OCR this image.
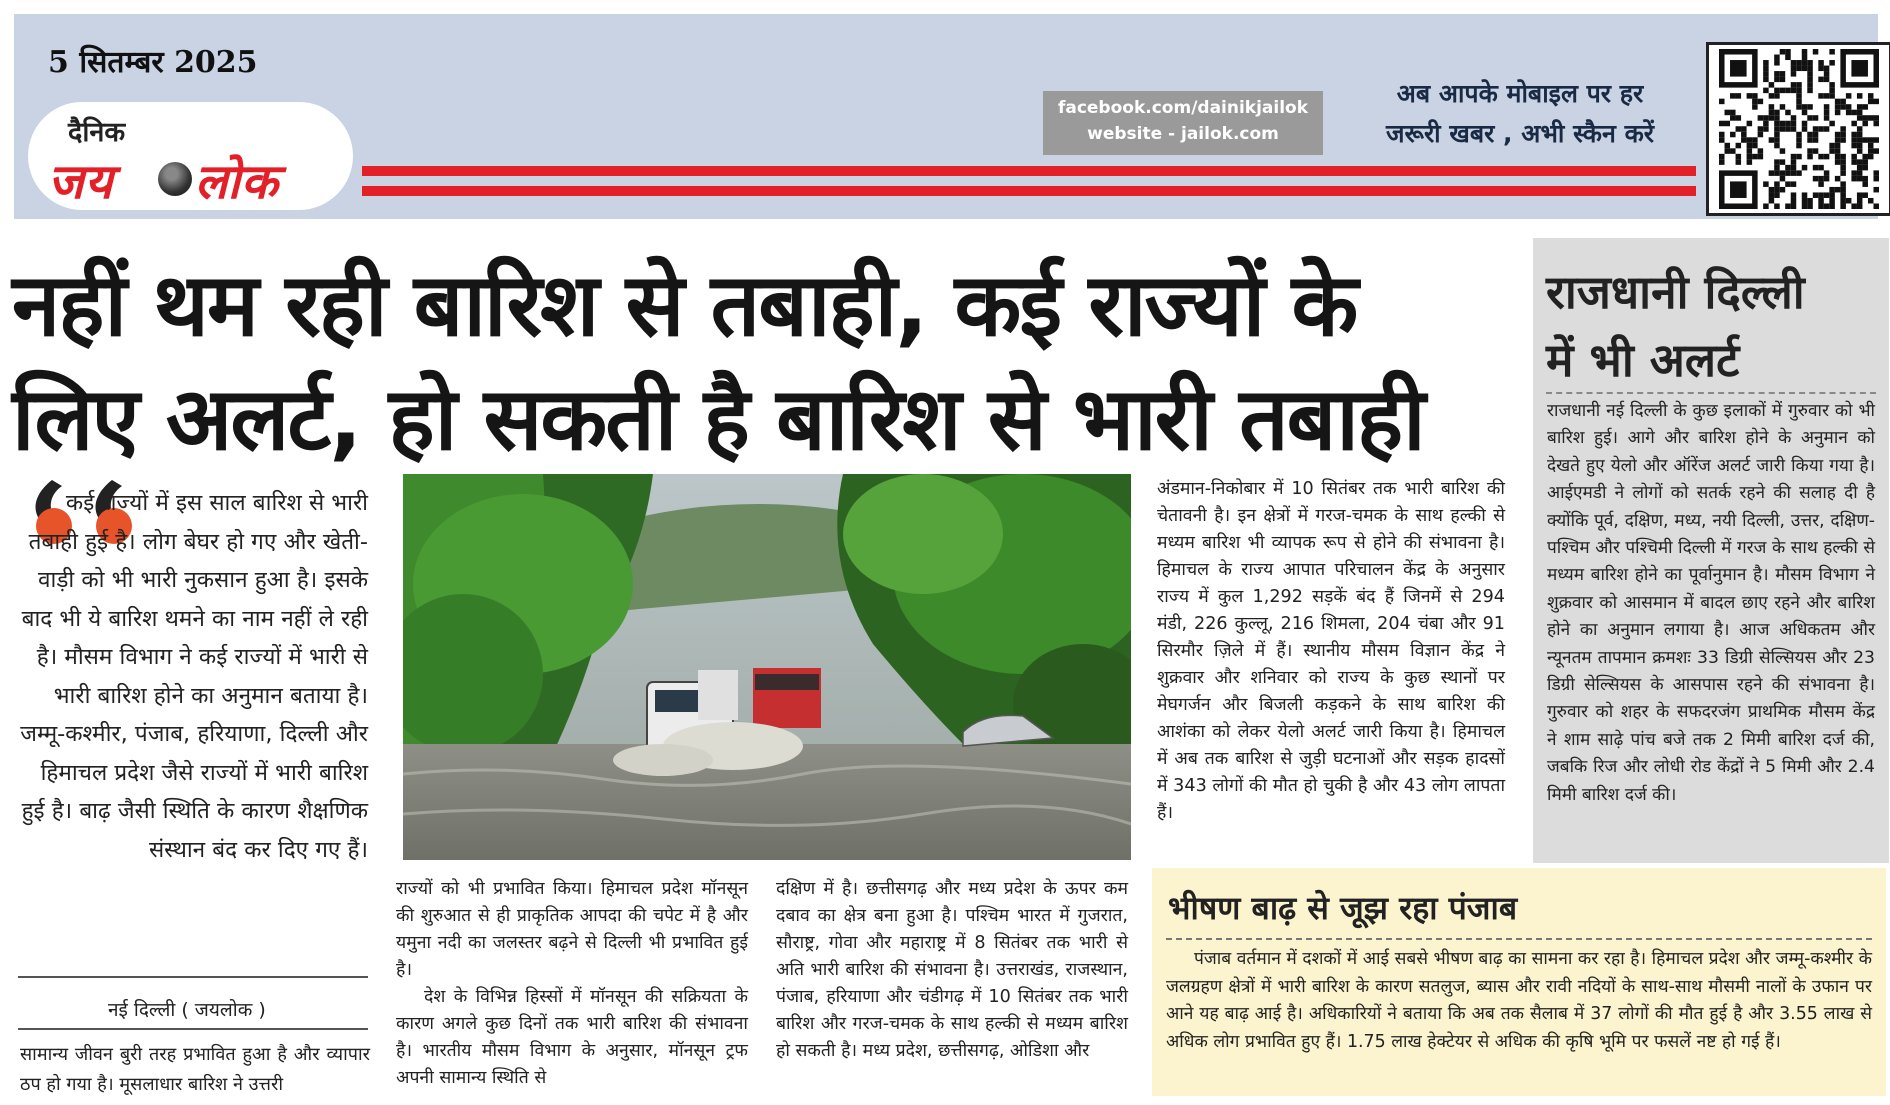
5 सितम्बर 2025
दैनिक
जय लोक
facebook.com/dainikjailok
website - jailok.com
अब आपके मोबाइल पर हर
जरूरी खबर , अभी स्कैन करें
नहीं थम रही बारिश से तबाही, कई राज्यों के
लिए अलर्ट, हो सकती है बारिश से भारी तबाही
कई राज्यों में इस साल बारिश से भारी तबाही हुई है। लोग बेघर हो गए और खेती-वाड़ी को भी भारी नुकसान हुआ है। इसके बाद भी ये बारिश थमने का नाम नहीं ले रही है। मौसम विभाग ने कई राज्यों में भारी से भारी बारिश होने का अनुमान बताया है। जम्मू-कश्मीर, पंजाब, हरियाणा, दिल्ली और हिमाचल प्रदेश जैसे राज्यों में भारी बारिश हुई है। बाढ़ जैसी स्थिति के कारण शैक्षणिक संस्थान बंद कर दिए गए हैं।
नई दिल्ली ( जयलोक )
सामान्य जीवन बुरी तरह प्रभावित हुआ है और व्यापार ठप हो गया है। मूसलाधार बारिश ने उत्तरी
अंडमान-निकोबार में 10 सितंबर तक भारी बारिश की चेतावनी है। इन क्षेत्रों में गरज-चमक के साथ हल्की से मध्यम बारिश भी व्यापक रूप से होने की संभावना है। हिमाचल के राज्य आपात परिचालन केंद्र के अनुसार राज्य में कुल 1,292 सड़कें बंद हैं जिनमें से 294 मंडी, 226 कुल्लू, 216 शिमला, 204 चंबा और 91 सिरमौर ज़िले में हैं। स्थानीय मौसम विज्ञान केंद्र ने शुक्रवार और शनिवार को राज्य के कुछ स्थानों पर मेघगर्जन और बिजली कड़कने के साथ बारिश की आशंका को लेकर येलो अलर्ट जारी किया है। हिमाचल में अब तक बारिश से जुड़ी घटनाओं और सड़क हादसों में 343 लोगों की मौत हो चुकी है और 43 लोग लापता हैं।
राज्यों को भी प्रभावित किया। हिमाचल प्रदेश मॉनसून की शुरुआत से ही प्राकृतिक आपदा की चपेट में है और यमुना नदी का जलस्तर बढ़ने से दिल्ली भी प्रभावित हुई है।
देश के विभिन्न हिस्सों में मॉनसून की सक्रियता के कारण अगले कुछ दिनों तक भारी बारिश की संभावना है। भारतीय मौसम विभाग के अनुसार, मॉनसून ट्रफ अपनी सामान्य स्थिति से
दक्षिण में है। छत्तीसगढ़ और मध्य प्रदेश के ऊपर कम दबाव का क्षेत्र बना हुआ है। पश्चिम भारत में गुजरात, सौराष्ट्र, गोवा और महाराष्ट्र में 8 सितंबर तक भारी से अति भारी बारिश की संभावना है। उत्तराखंड, राजस्थान, पंजाब, हरियाणा और चंडीगढ़ में 10 सितंबर तक भारी बारिश और गरज-चमक के साथ हल्की से मध्यम बारिश हो सकती है। मध्य प्रदेश, छत्तीसगढ़, ओडिशा और
राजधानी दिल्ली
में भी अलर्ट
राजधानी नई दिल्ली के कुछ इलाकों में गुरुवार को भी बारिश हुई। आगे और बारिश होने के अनुमान को देखते हुए येलो और ऑरेंज अलर्ट जारी किया गया है। आईएमडी ने लोगों को सतर्क रहने की सलाह दी है क्योंकि पूर्व, दक्षिण, मध्य, नयी दिल्ली, उत्तर, दक्षिण-पश्चिम और पश्चिमी दिल्ली में गरज के साथ हल्की से मध्यम बारिश होने का पूर्वानुमान है। मौसम विभाग ने शुक्रवार को आसमान में बादल छाए रहने और बारिश होने का अनुमान लगाया है। आज अधिकतम और न्यूनतम तापमान क्रमशः 33 डिग्री सेल्सियस और 23 डिग्री सेल्सियस के आसपास रहने की संभावना है। गुरुवार को शहर के सफदरजंग प्राथमिक मौसम केंद्र ने शाम साढ़े पांच बजे तक 2 मिमी बारिश दर्ज की, जबकि रिज और लोधी रोड केंद्रों ने 5 मिमी और 2.4 मिमी बारिश दर्ज की।
भीषण बाढ़ से जूझ रहा पंजाब
पंजाब वर्तमान में दशकों में आई सबसे भीषण बाढ़ का सामना कर रहा है। हिमाचल प्रदेश और जम्मू-कश्मीर के जलग्रहण क्षेत्रों में भारी बारिश के कारण सतलुज, ब्यास और रावी नदियों के साथ-साथ मौसमी नालों के उफान पर आने यह बाढ़ आई है। अधिकारियों ने बताया कि अब तक सैलाब में 37 लोगों की मौत हुई है और 3.55 लाख से अधिक लोग प्रभावित हुए हैं। 1.75 लाख हेक्टेयर से अधिक की कृषि भूमि पर फसलें नष्ट हो गई हैं।
